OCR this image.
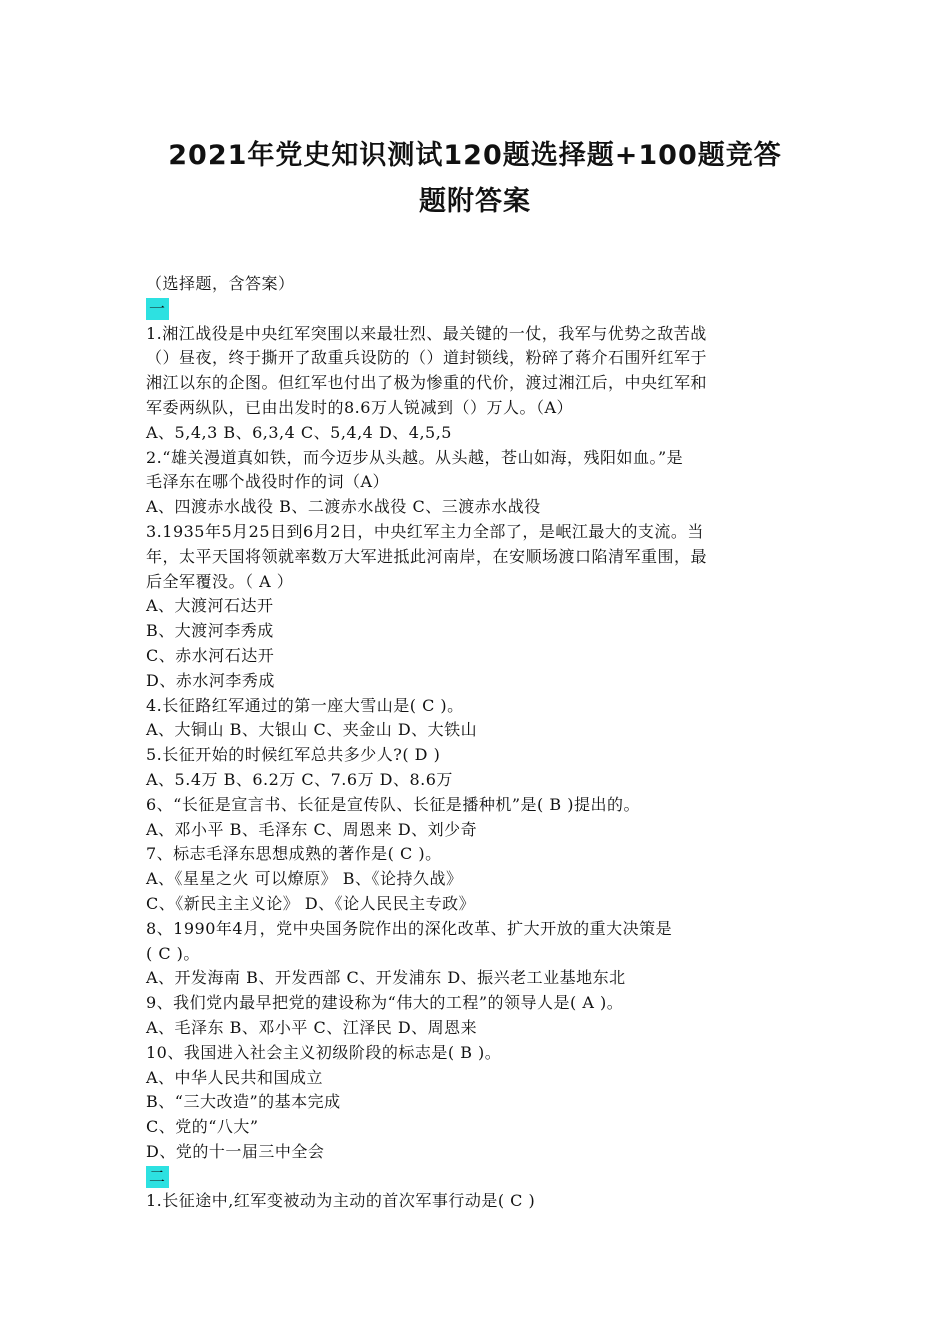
2021年党史知识测试120题选择题+100题竞答
题附答案
（选择题，含答案）
一
1.湘江战役是中央红军突围以来最壮烈、最关键的一仗，我军与优势之敌苦战
（）昼夜，终于撕开了敌重兵设防的（）道封锁线，粉碎了蒋介石围歼红军于
湘江以东的企图。但红军也付出了极为惨重的代价，渡过湘江后，中央红军和
军委两纵队，已由出发时的8.6万人锐减到（）万人。（A）
A、5,4,3 B、6,3,4 C、5,4,4 D、4,5,5
2.“雄关漫道真如铁，而今迈步从头越。从头越，苍山如海，残阳如血。”是
毛泽东在哪个战役时作的词（A）
A、四渡赤水战役 B、二渡赤水战役 C、三渡赤水战役
3.1935年5月25日到6月2日，中央红军主力全部了，是岷江最大的支流。当
年，太平天国将领就率数万大军进抵此河南岸，在安顺场渡口陷清军重围，最
后全军覆没。（ A ）
A、大渡河石达开
B、大渡河李秀成
C、赤水河石达开
D、赤水河李秀成
4.长征路红军通过的第一座大雪山是( C )。
A、大铜山 B、大银山 C、夹金山 D、大铁山
5.长征开始的时候红军总共多少人?( D )
A、5.4万 B、6.2万 C、7.6万 D、8.6万
6、“长征是宣言书、长征是宣传队、长征是播种机”是( B )提出的。
A、邓小平 B、毛泽东 C、周恩来 D、刘少奇
7、标志毛泽东思想成熟的著作是( C )。
A、《星星之火 可以燎原》 B、《论持久战》
C、《新民主主义论》 D、《论人民民主专政》
8、1990年4月，党中央国务院作出的深化改革、扩大开放的重大决策是
( C )。
A、开发海南 B、开发西部 C、开发浦东 D、振兴老工业基地东北
9、我们党内最早把党的建设称为“伟大的工程”的领导人是( A )。
A、毛泽东 B、邓小平 C、江泽民 D、周恩来
10、我国进入社会主义初级阶段的标志是( B )。
A、中华人民共和国成立
B、“三大改造”的基本完成
C、党的“八大”
D、党的十一届三中全会
二
1.长征途中,红军变被动为主动的首次军事行动是( C )
